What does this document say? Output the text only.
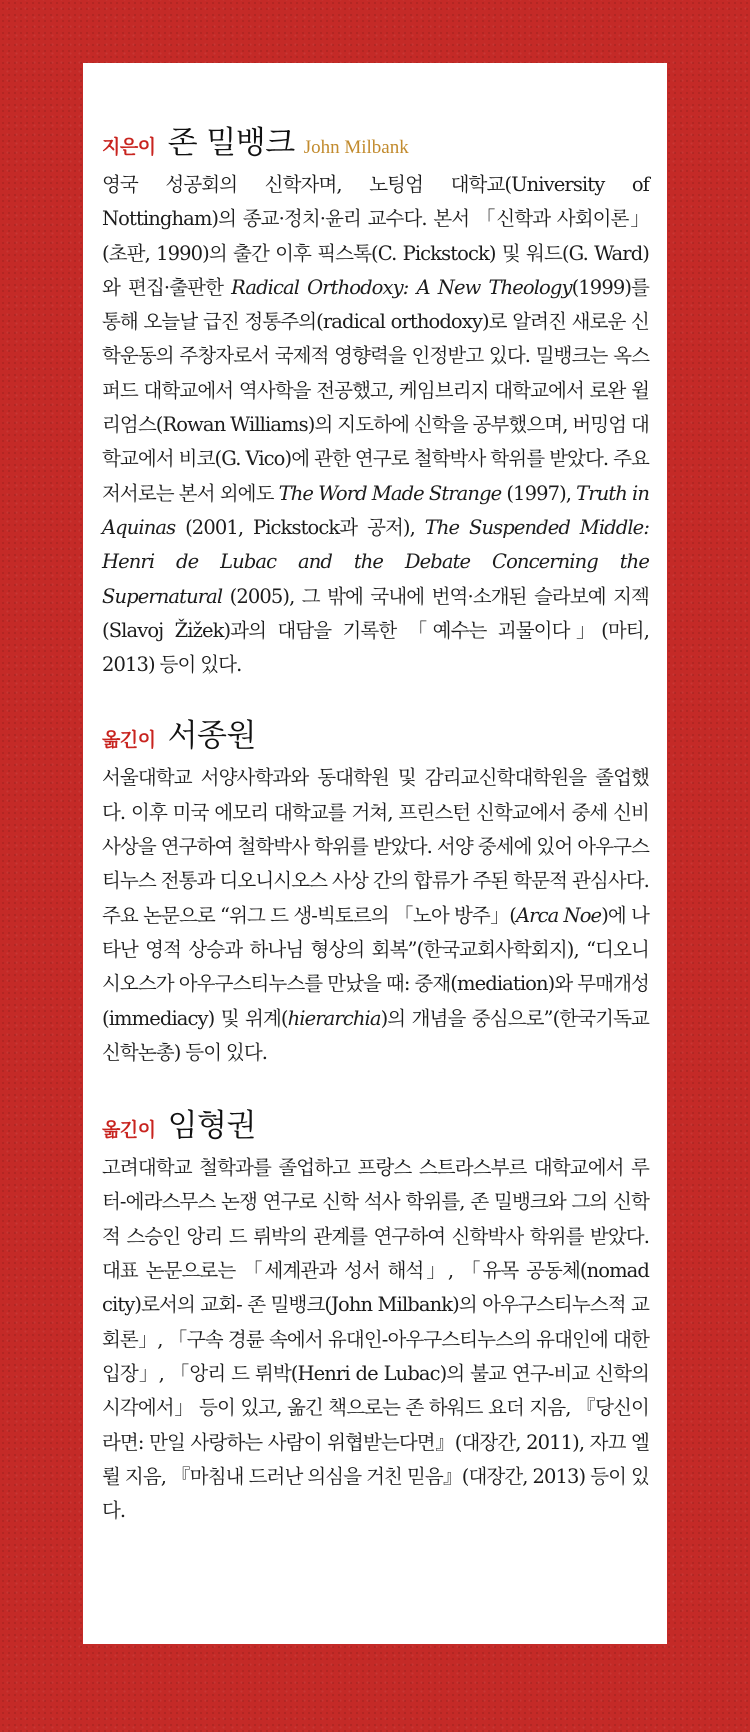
지은이 존 밀뱅크 John Milbank

영국 성공회의 신학자며, 노팅엄 대학교(University of Nottingham)의 종교·정치·윤리 교수다. 본서 「신학과 사회이론」(초판, 1990)의 출간 이후 픽스톡(C. Pickstock) 및 워드(G. Ward)와 편집·출판한 Radical Orthodoxy: A New Theology(1999)를 통해 오늘날 급진 정통주의(radical orthodoxy)로 알려진 새로운 신학운동의 주창자로서 국제적 영향력을 인정받고 있다. 밀뱅크는 옥스퍼드 대학교에서 역사학을 전공했고, 케임브리지 대학교에서 로완 윌리엄스(Rowan Williams)의 지도하에 신학을 공부했으며, 버밍엄 대학교에서 비코(G. Vico)에 관한 연구로 철학박사 학위를 받았다. 주요 저서로는 본서 외에도 The Word Made Strange (1997), Truth in Aquinas (2001, Pickstock과 공저), The Suspended Middle: Henri de Lubac and the Debate Concerning the Supernatural (2005), 그 밖에 국내에 번역·소개된 슬라보예 지젝(Slavoj Žižek)과의 대담을 기록한 「예수는 괴물이다」(마티, 2013) 등이 있다.

옮긴이 서종원

서울대학교 서양사학과와 동대학원 및 감리교신학대학원을 졸업했다. 이후 미국 에모리 대학교를 거쳐, 프린스턴 신학교에서 중세 신비사상을 연구하여 철학박사 학위를 받았다. 서양 중세에 있어 아우구스티누스 전통과 디오니시오스 사상 간의 합류가 주된 학문적 관심사다. 주요 논문으로 “위그 드 생-빅토르의 「노아 방주」(Arca Noe)에 나타난 영적 상승과 하나님 형상의 회복”(한국교회사학회지), “디오니시오스가 아우구스티누스를 만났을 때: 중재(mediation)와 무매개성(immediacy) 및 위계(hierarchia)의 개념을 중심으로”(한국기독교신학논총) 등이 있다.

옮긴이 임형권

고려대학교 철학과를 졸업하고 프랑스 스트라스부르 대학교에서 루터-에라스무스 논쟁 연구로 신학 석사 학위를, 존 밀뱅크와 그의 신학적 스승인 앙리 드 뤼박의 관계를 연구하여 신학박사 학위를 받았다. 대표 논문으로는 「세계관과 성서 해석」, 「유목 공동체(nomad city)로서의 교회- 존 밀뱅크(John Milbank)의 아우구스티누스적 교회론」, 「구속 경륜 속에서 유대인-아우구스티누스의 유대인에 대한 입장」, 「앙리 드 뤼박(Henri de Lubac)의 불교 연구-비교 신학의 시각에서」 등이 있고, 옮긴 책으로는 존 하워드 요더 지음, 『당신이라면: 만일 사랑하는 사람이 위협받는다면』(대장간, 2011), 자끄 엘륄 지음, 『마침내 드러난 의심을 거친 믿음』(대장간, 2013) 등이 있다.
